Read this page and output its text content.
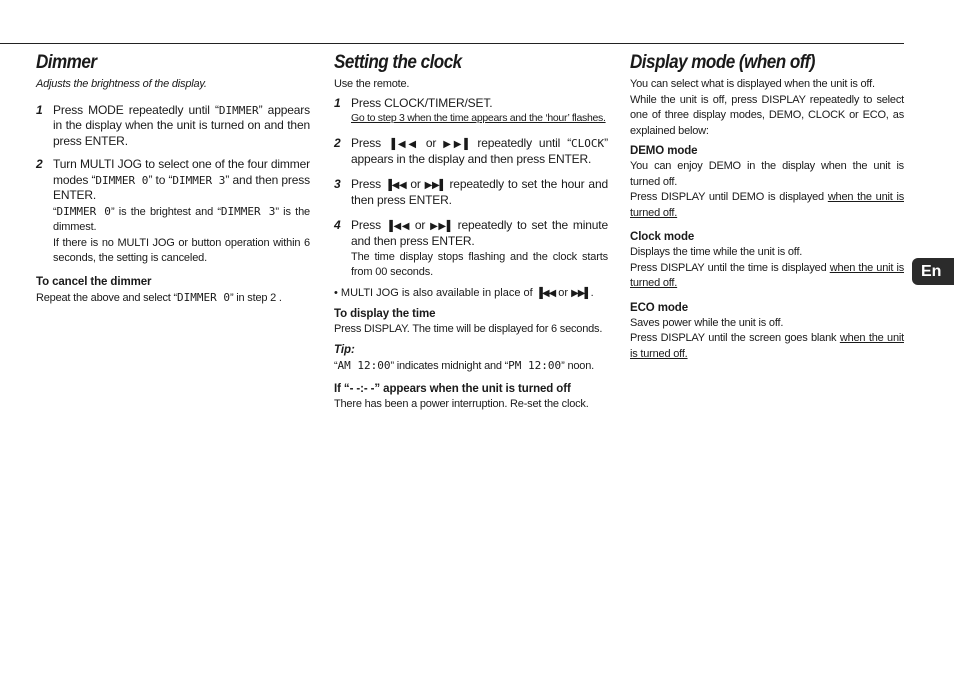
Dimmer
Adjusts the brightness of the display.
1 Press MODE repeatedly until “DIMMER” appears in the display when the unit is turned on and then press ENTER.
2 Turn MULTI JOG to select one of the four dimmer modes “DIMMER 0” to “DIMMER 3” and then press ENTER.
“DIMMER 0” is the brightest and “DIMMER 3” is the dimmest.
If there is no MULTI JOG or button operation within 6 seconds, the setting is canceled.
To cancel the dimmer
Repeat the above and select “DIMMER 0” in step 2 .
Setting the clock
Use the remote.
1 Press CLOCK/TIMER/SET.
Go to step 3 when the time appears and the ‘hour’ flashes.
2 Press ▐◀◀ or ▶▶▌ repeatedly until “CLOCK” appears in the display and then press ENTER.
3 Press ▐◀◀ or ▶▶▌ repeatedly to set the hour and then press ENTER.
4 Press ▐◀◀ or ▶▶▌ repeatedly to set the minute and then press ENTER.
The time display stops flashing and the clock starts from 00 seconds.
• MULTI JOG is also available in place of ▐◀◀ or ▶▶▌.
To display the time
Press DISPLAY. The time will be displayed for 6 seconds.
Tip:
“AM 12:00” indicates midnight and “PM 12:00” noon.
If “- -:- -” appears when the unit is turned off
There has been a power interruption. Re-set the clock.
Display mode (when off)
You can select what is displayed when the unit is off.
While the unit is off, press DISPLAY repeatedly to select one of three display modes, DEMO, CLOCK or ECO, as explained below:
DEMO mode
You can enjoy DEMO in the display when the unit is turned off.
Press DISPLAY until DEMO is displayed when the unit is turned off.
Clock mode
Displays the time while the unit is off.
Press DISPLAY until the time is displayed when the unit is turned off.
ECO mode
Saves power while the unit is off.
Press DISPLAY until the screen goes blank when the unit is turned off.
En
